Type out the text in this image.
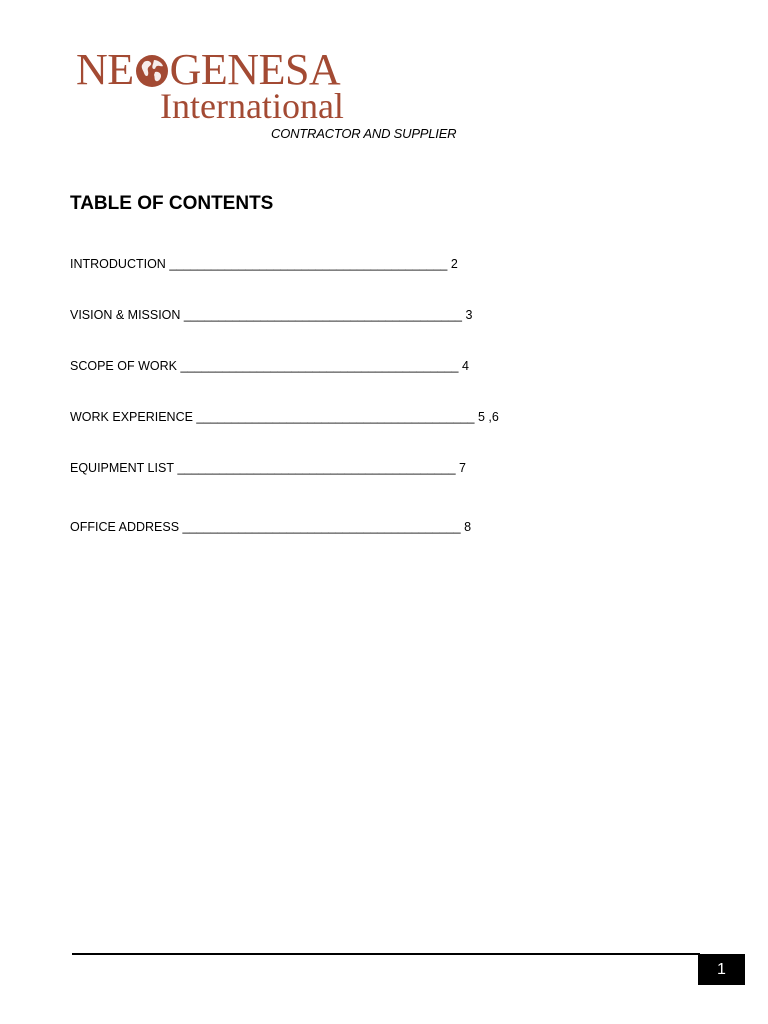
NE GENESA
International
CONTRACTOR AND SUPPLIER
TABLE OF CONTENTS
INTRODUCTION ________________________________________ 2
VISION & MISSION ________________________________________ 3
SCOPE OF WORK ________________________________________ 4
WORK EXPERIENCE ________________________________________ 5 ,6
EQUIPMENT LIST ________________________________________ 7
OFFICE ADDRESS ________________________________________ 8
1
